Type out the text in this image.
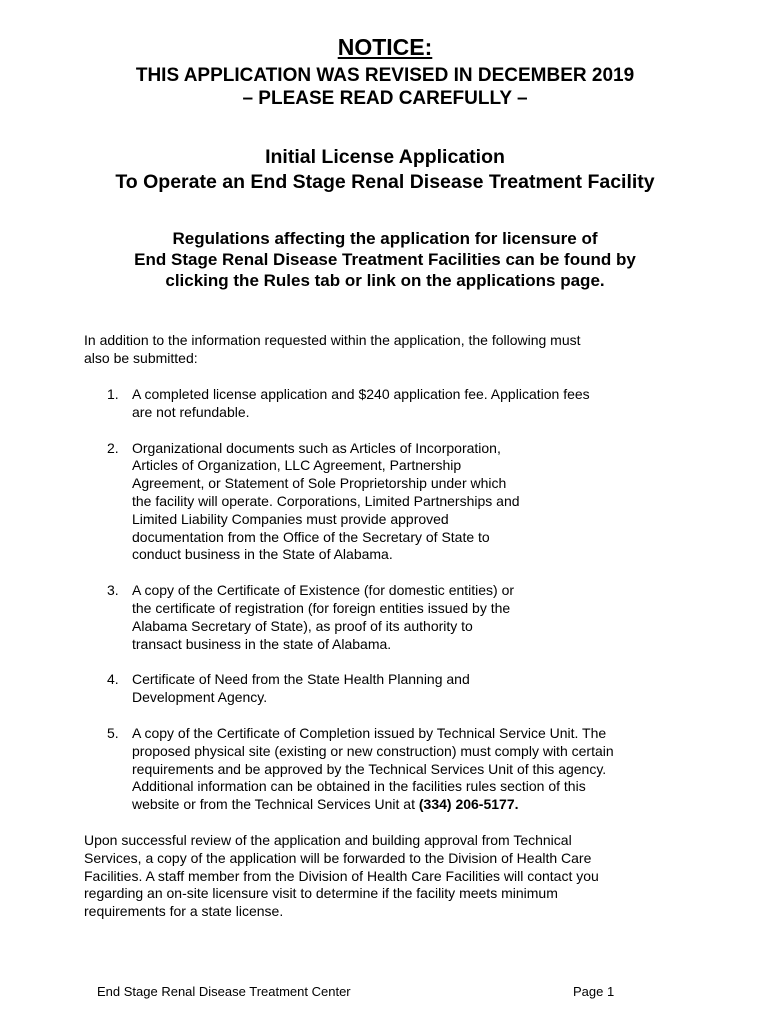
NOTICE:
THIS APPLICATION WAS REVISED IN DECEMBER 2019
– PLEASE READ CAREFULLY –
Initial License Application
To Operate an End Stage Renal Disease Treatment Facility
Regulations affecting the application for licensure of
End Stage Renal Disease Treatment Facilities can be found by
clicking the Rules tab or link on the applications page.
In addition to the information requested within the application, the following must
also be submitted:
1. A completed license application and $240 application fee. Application fees
are not refundable.
2. Organizational documents such as Articles of Incorporation,
Articles of Organization, LLC Agreement, Partnership
Agreement, or Statement of Sole Proprietorship under which
the facility will operate. Corporations, Limited Partnerships and
Limited Liability Companies must provide approved
documentation from the Office of the Secretary of State to
conduct business in the State of Alabama.
3. A copy of the Certificate of Existence (for domestic entities) or
the certificate of registration (for foreign entities issued by the
Alabama Secretary of State), as proof of its authority to
transact business in the state of Alabama.
4. Certificate of Need from the State Health Planning and
Development Agency.
5. A copy of the Certificate of Completion issued by Technical Service Unit. The
proposed physical site (existing or new construction) must comply with certain
requirements and be approved by the Technical Services Unit of this agency.
Additional information can be obtained in the facilities rules section of this
website or from the Technical Services Unit at (334) 206-5177.
Upon successful review of the application and building approval from Technical
Services, a copy of the application will be forwarded to the Division of Health Care
Facilities. A staff member from the Division of Health Care Facilities will contact you
regarding an on-site licensure visit to determine if the facility meets minimum
requirements for a state license.
End Stage Renal Disease Treatment Center	Page 1
